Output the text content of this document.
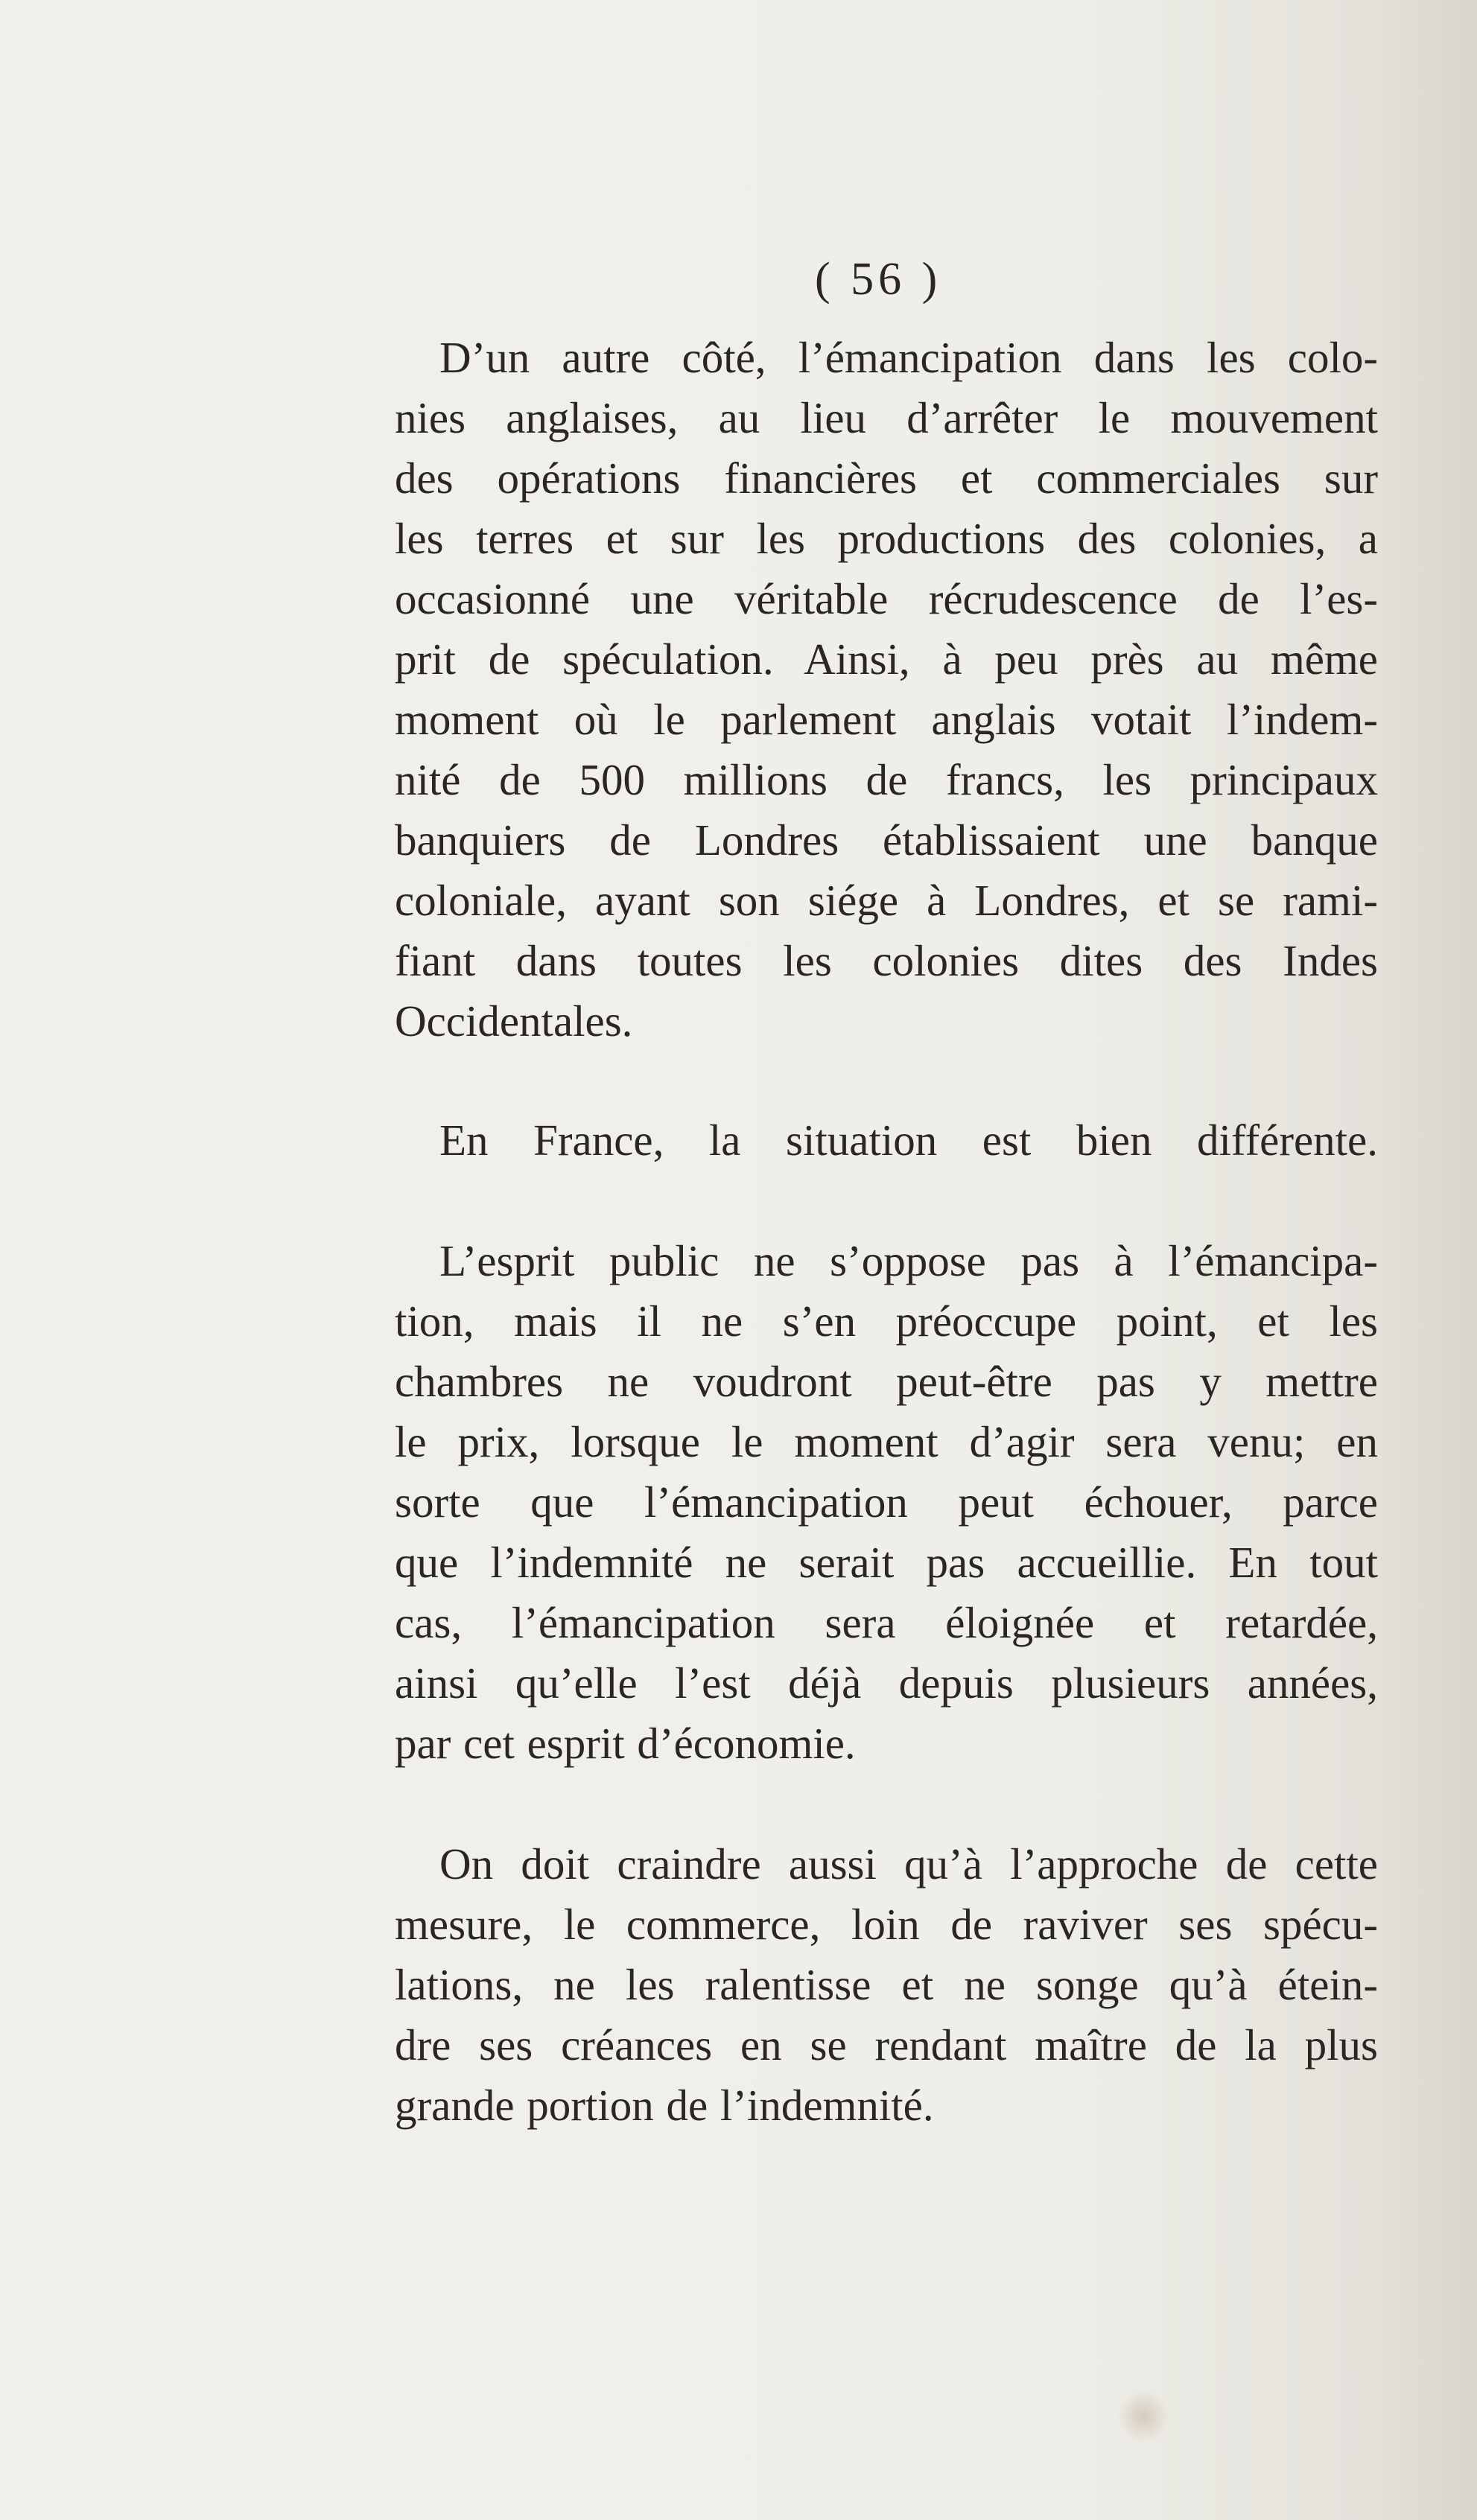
( 56 )

D’un autre côté, l’émancipation dans les colo-
nies anglaises, au lieu d’arrêter le mouvement
des opérations financières et commerciales sur
les terres et sur les productions des colonies, a
occasionné une véritable récrudescence de l’es-
prit de spéculation. Ainsi, à peu près au même
moment où le parlement anglais votait l’indem-
nité de 500 millions de francs, les principaux
banquiers de Londres établissaient une banque
coloniale, ayant son siége à Londres, et se rami-
fiant dans toutes les colonies dites des Indes
Occidentales.

En France, la situation est bien différente.

L’esprit public ne s’oppose pas à l’émancipa-
tion, mais il ne s’en préoccupe point, et les
chambres ne voudront peut-être pas y mettre
le prix, lorsque le moment d’agir sera venu; en
sorte que l’émancipation peut échouer, parce
que l’indemnité ne serait pas accueillie. En tout
cas, l’émancipation sera éloignée et retardée,
ainsi qu’elle l’est déjà depuis plusieurs années,
par cet esprit d’économie.

On doit craindre aussi qu’à l’approche de cette
mesure, le commerce, loin de raviver ses spécu-
lations, ne les ralentisse et ne songe qu’à étein-
dre ses créances en se rendant maître de la plus
grande portion de l’indemnité.
